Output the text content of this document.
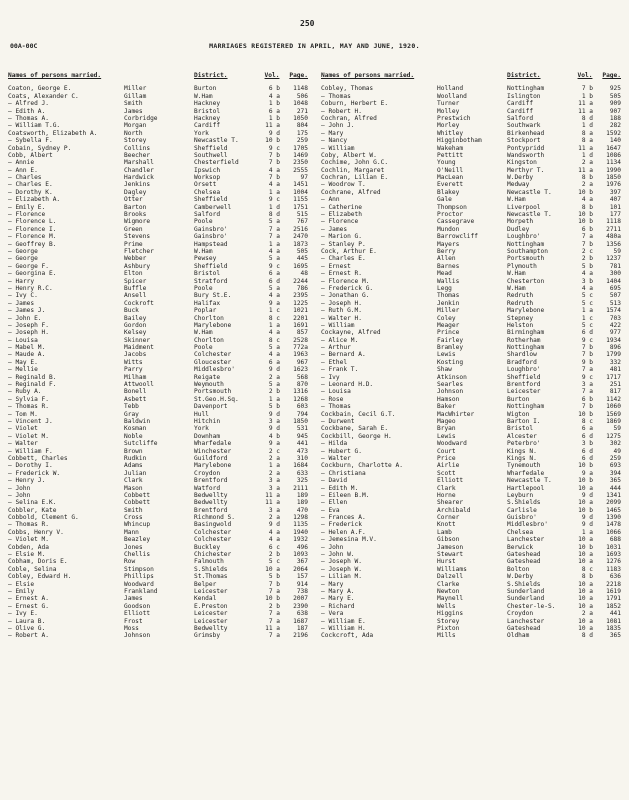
250
00A-00C	MARRIAGES REGISTERED IN APRIL, MAY AND JUNE, 1920.
Names of persons married.	District.	Vol.	Page.
Coaton, George E.	Miller	Burton	6 b	1148
Coats, Alexander C.	Gillam	W.Ham	4 a	506
— Alfred J.	Smith	Hackney	1 b	1048
— Edith A.	James	Bristol	6 a	271
— Thomas A.	Corbridge	Hackney	1 b	1050
— William T.G.	Morgan	Cardiff	11 a	804
Coatsworth, Elizabeth A.	North	York	9 d	175
— Sybella F.	Storey	Newcastle T.	10 b	259
Cobain, Sydney P.	Collins	Sheffield	9 c	1705
Cobb, Albert	Beecher	Southwell	7 b	1469
— Annie	Marshall	Chesterfield	7 b	2350
— Ann E.	Chandler	Ipswich	4 a	2555
— Charles	Hardwick	Worksop	7 b	97
— Charles E.	Jenkins	Orsett	4 a	1451
— Dorothy K.	Dagley	Chelsea	1 a	1004
— Elizabeth A.	Otter	Sheffield	9 c	1155
— Emily E.	Barton	Camberwell	1 d	1751
— Florence	Brooks	Salford	8 d	515
— Florence L.	Wigmore	Poole	5 a	767
— Florence I.	Green	Gainsbro'	7 a	2516
— Florence M.	Stevens	Gainsbro'	7 a	2470
— Geoffrey B.	Prime	Hampstead	1 a	1873
— George	Fletcher	W.Ham	4 a	505
— George	Webber	Pewsey	5 a	445
— George F.	Ashbury	Sheffield	9 c	1695
— Georgina E.	Elton	Bristol	6 a	48
— Harry	Spicer	Stratford	6 d	2244
— Henry R.C.	Buffle	Poole	5 a	786
— Ivy C.	Ansell	Bury St.E.	4 a	2395
— James	Cockroft	Halifax	9 a	1225
— James J.	Buck	Poplar	1 c	1021
— John E.	Bailey	Chorlton	8 c	2201
— Joseph F.	Gordon	Marylebone	1 a	1691
— Joseph H.	Kelsey	W.Ham	4 a	857
— Louisa	Skinner	Chorlton	8 c	2528
— Mabel M.	Maidment	Poole	5 a	772a
— Maude A.	Jacobs	Colchester	4 a	1963
— May E.	Witts	Gloucester	6 a	967
— Mellie	Parry	Middlesbro'	9 d	1623
— Reginald B.	Milham	Reigate	2 a	568
— Reginald F.	Attwooll	Weymouth	5 a	870
— Ruby A.	Bonell	Portsmouth	2 b	1316
— Sylvia F.	Asbett	St.Geo.H.Sq.	1 a	1268
— Thomas R.	Tebb	Davenport	5 b	603
— Tom M.	Gray	Hull	9 d	794
— Vincent J.	Baldwin	Hitchin	3 a	1850
— Violet	Kosman	York	9 d	531
— Violet M.	Noble	Downham	4 b	945
— Walter	Sutcliffe	Wharfedale	9 a	441
— William F.	Brown	Winchester	2 c	473
Cobbett, Charles	Rudkin	Guildford	2 a	310
— Dorothy I.	Adams	Marylebone	1 a	1684
— Frederick W.	Julian	Croydon	2 a	633
— Henry J.	Clark	Brentford	3 a	325
— John	Mason	Watford	3 a	2111
— John	Cobbett	Bedwellty	11 a	189
— Selina E.K.	Cobbett	Bedwellty	11 a	189
Cobbler, Kate	Smith	Brentford	3 a	470
Cobbold, Clement G.	Cross	Richmond S.	2 a	1298
— Thomas R.	Whincup	Basingwold	9 d	1135
Cobbs, Henry V.	Mann	Colchester	4 a	1940
— Violet M.	Beazley	Colchester	4 a	1932
Cobden, Ada	Jones	Buckley	6 c	496
— Elsie M.	Chellis	Chichester	2 b	1093
Cobham, Doris E.	Row	Falmouth	5 c	367
Coble, Selina	Stimpson	S.Shields	10 a	2064
Cobley, Edward H.	Phillips	St.Thomas	5 b	157
— Elsie	Woodward	Belper	7 b	914
— Emily	Frankland	Leicester	7 a	738
— Ernest A.	James	Kendal	10 b	2007
— Ernest G.	Goodson	E.Preston	2 b	2390
— Ivy E.	Elliott	Leicester	7 a	638
— Laura B.	Frost	Leicester	7 a	1687
— Olive G.	Moss	Bedwellty	11 a	187
— Robert A.	Johnson	Grimsby	7 a	2196
Names of persons married.	District.	Vol.	Page.
Cobley, Thomas	Holland	Nottingham	7 b	925
— Thomas	Woolland	Islington	1 b	505
Coburn, Herbert E.	Turner	Cardiff	11 a	909
— Robert H.	Molley	Cardiff	11 a	907
Cochran, Alfred	Prestwich	Salford	8 d	188
— John J.	Morley	Southwark	1 d	282
— Mary	Whitley	Birkenhead	8 a	1592
— Nancy	Higginbotham	Stockport	8 a	140
— William	Wakeham	Pontypridd	11 a	1647
Coby, Albert W.	Pettitt	Wandsworth	1 d	1086
Cochime, John G.C.	Young	Kingston	2 a	1134
Cochlin, Margaret	O'Neill	Merthyr T.	11 a	1990
Cochran, Lilian E.	MacLean	W.Derby	8 b	1850
— Woodrow T.	Everett	Medway	2 a	1976
Cochrane, Alfred	Blakey	Newcastle T.	10 b	397
— Ann	Gale	W.Ham	4 a	407
— Catherine	Thompson	Liverpool	8 b	101
— Elizabeth	Proctor	Newcastle T.	10 b	177
— Florence	Cassegrave	Morpeth	10 b	1118
— James	Mundon	Dudley	6 b	2711
— Marion G.	Barrowcliff	Loughbro'	7 a	480a
— Stanley P.	Mayers	Nottingham	7 b	1356
Cock, Arthur E.	Berry	Southampton	2 c	59
— Charles E.	Allen	Portsmouth	2 b	1237
— Ernest	Barnes	Plymouth	5 b	781
— Ernest R.	Mead	W.Ham	4 a	300
— Florence M.	Wallis	Chesterton	3 b	1404
— Frederick G.	Legg	W.Ham	4 a	695
— Jonathan G.	Thomas	Redruth	5 c	507
— Joseph H.	Jenkin	Redruth	5 c	513
— Ruth G.M.	Miller	Marylebone	1 a	1574
— Walter H.	Coley	Stepney	1 c	703
— William	Meager	Helston	5 c	422
Cockayne, Alfred	Prince	Birmingham	6 d	977
— Alice M.	Fairley	Rotherham	9 c	1934
— Arthur	Bramley	Nottingham	7 b	896
— Bernard A.	Lewis	Shardlow	7 b	1799
— Ethel	Kosting	Bradford	9 b	332
— Frank T.	Shaw	Loughbro'	7 a	481
— Ivy	Atkinson	Sheffield	9 c	1717
— Leonard H.D.	Searles	Brentford	3 a	251
— Louisa	Johnson	Leicester	7 a	817
— Rose	Hamson	Burton	6 b	1142
— Thomas	Baker	Nottingham	7 b	1060
Cockbain, Cecil G.T.	MacWhirter	Wigton	10 b	1569
— Durwent	Mageo	Barton I.	8 c	1869
Cockbane, Sarah E.	Bryan	Bristol	6 a	59
Cockbill, George H.	Lewis	Alcester	6 d	1275
— Hilda	Woodward	Peterbro'	3 b	302
— Hubert G.	Court	Kings N.	6 d	49
— Walter	Price	Kings N.	6 d	259
Cockburn, Charlotte A.	Airlie	Tynemouth	10 b	693
— Christiana	Scott	Wharfedale	9 a	394
— David	Elliott	Newcastle T.	10 b	365
— Edith M.	Clark	Hartlepool	10 a	444
— Eileen B.M.	Horne	Leyburn	9 d	1341
— Ellen	Shearer	S.Shields	10 a	2099
— Eva	Archibald	Carlisle	10 b	1465
— Frances A.	Corner	Guisbro'	9 d	1390
— Frederick	Knott	Middlesbro'	9 d	1478
— Helen A.F.	Lamb	Chelsea	1 a	1066
— Jemesina M.V.	Gibson	Lanchester	10 a	688
— John	Jameson	Berwick	10 b	1031
— John W.	Stewart	Gateshead	10 a	1693
— Joseph W.	Hurst	Gateshead	10 a	1276
— Joseph W.	Williams	Bolton	8 c	1183
— Lilian M.	Dalzell	W.Derby	8 b	636
— Mary	Clarke	S.Shields	10 a	2218
— Mary A.	Newton	Sunderland	10 a	1619
— Mary E.	Maynell	Sunderland	10 a	1791
— Richard	Wells	Chester-le-S.	10 a	1852
— Vera	Higgins	Croydon	2 a	441
— William E.	Storey	Lanchester	10 a	1081
— William H.	Pixton	Gateshead	10 a	1835
Cockcroft, Ada	Mills	Oldham	8 d	365
